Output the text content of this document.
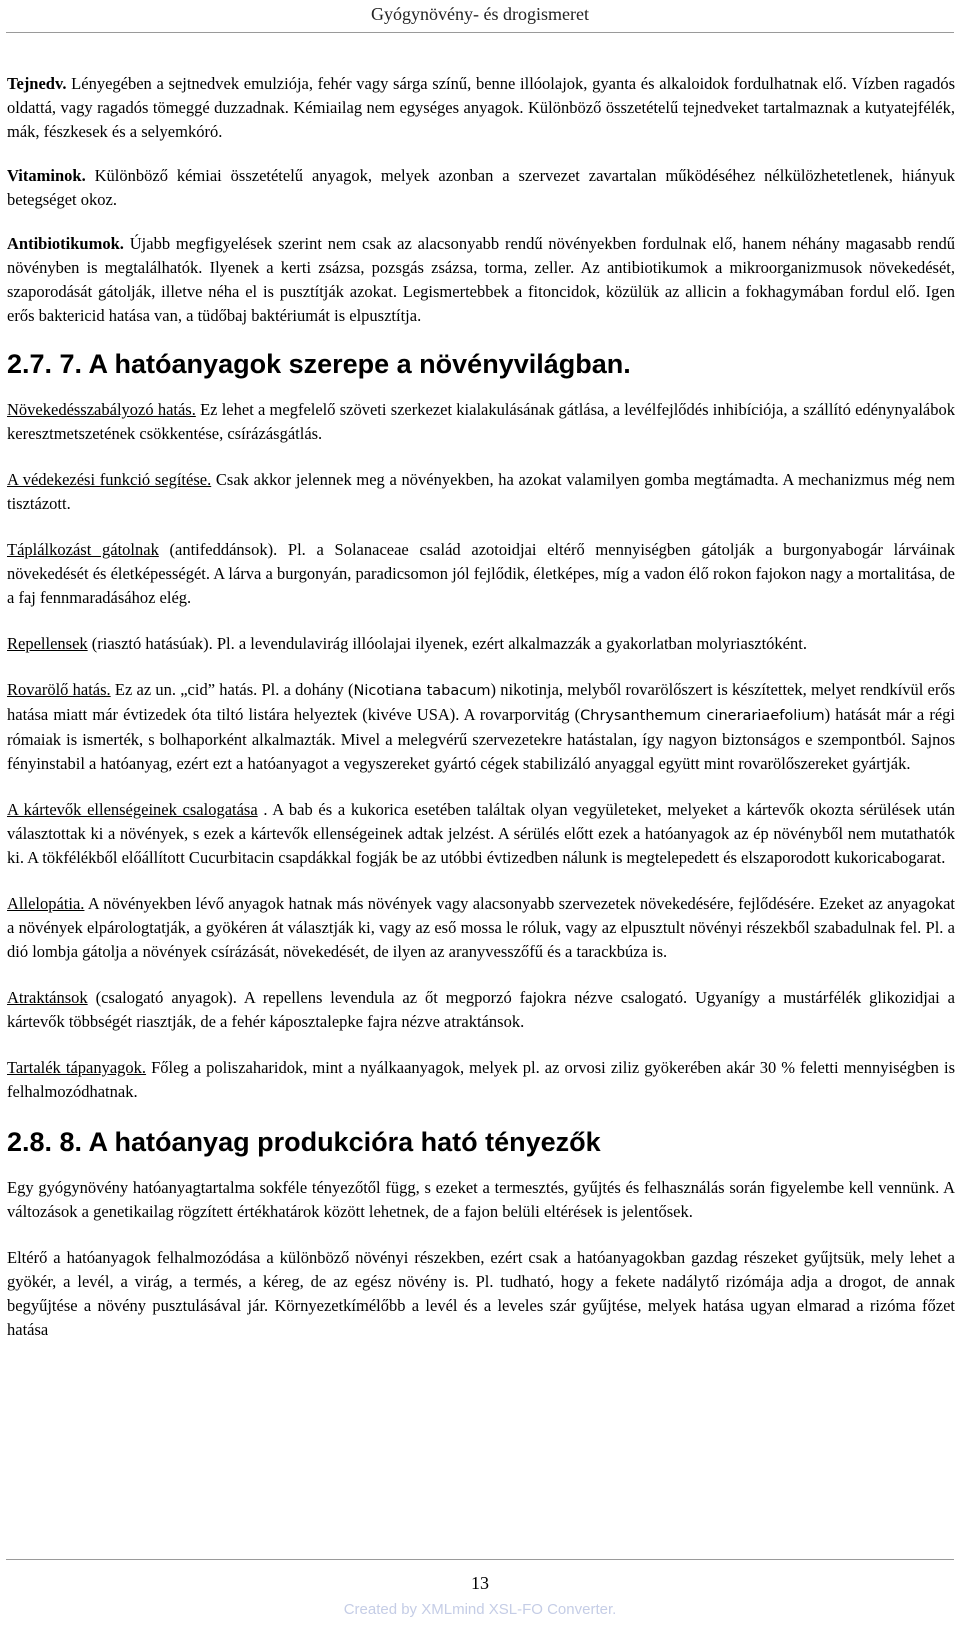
Gyógynövény- és drogismeret

Tejnedv. Lényegében a sejtnedvek emulziója, fehér vagy sárga színű, benne illóolajok, gyanta és alkaloidok fordulhatnak elő. Vízben ragadós oldattá, vagy ragadós tömeggé duzzadnak. Kémiailag nem egységes anyagok. Különböző összetételű tejnedveket tartalmaznak a kutyatejfélék, mák, fészkesek és a selyemkóró.

Vitaminok. Különböző kémiai összetételű anyagok, melyek azonban a szervezet zavartalan működéséhez nélkülözhetetlenek, hiányuk betegséget okoz.

Antibiotikumok. Újabb megfigyelések szerint nem csak az alacsonyabb rendű növényekben fordulnak elő, hanem néhány magasabb rendű növényben is megtalálhatók. Ilyenek a kerti zsázsa, pozsgás zsázsa, torma, zeller. Az antibiotikumok a mikroorganizmusok növekedését, szaporodását gátolják, illetve néha el is pusztítják azokat. Legismertebbek a fitoncidok, közülük az allicin a fokhagymában fordul elő. Igen erős baktericid hatása van, a tüdőbaj baktériumát is elpusztítja.

2.7. 7. A hatóanyagok szerepe a növényvilágban.

Növekedésszabályozó hatás. Ez lehet a megfelelő szöveti szerkezet kialakulásának gátlása, a levélfejlődés inhibíciója, a szállító edénynyalábok keresztmetszetének csökkentése, csírázásgátlás.

A védekezési funkció segítése. Csak akkor jelennek meg a növényekben, ha azokat valamilyen gomba megtámadta. A mechanizmus még nem tisztázott.

Táplálkozást gátolnak (antifeddánsok). Pl. a Solanaceae család azotoidjai eltérő mennyiségben gátolják a burgonyabogár lárváinak növekedését és életképességét. A lárva a burgonyán, paradicsomon jól fejlődik, életképes, míg a vadon élő rokon fajokon nagy a mortalitása, de a faj fennmaradásához elég.

Repellensek (riasztó hatásúak). Pl. a levendulavirág illóolajai ilyenek, ezért alkalmazzák a gyakorlatban molyriasztóként.

Rovarölő hatás. Ez az un. „cid” hatás. Pl. a dohány (Nicotiana tabacum) nikotinja, melyből rovarölőszert is készítettek, melyet rendkívül erős hatása miatt már évtizedek óta tiltó listára helyeztek (kivéve USA). A rovarporvitág (Chrysanthemum cinerariaefolium) hatását már a régi rómaiak is ismerték, s bolhaporként alkalmazták. Mivel a melegvérű szervezetekre hatástalan, így nagyon biztonságos e szempontból. Sajnos fényinstabil a hatóanyag, ezért ezt a hatóanyagot a vegyszereket gyártó cégek stabilizáló anyaggal együtt mint rovarölőszereket gyártják.

A kártevők ellenségeinek csalogatása . A bab és a kukorica esetében találtak olyan vegyületeket, melyeket a kártevők okozta sérülések után választottak ki a növények, s ezek a kártevők ellenségeinek adtak jelzést. A sérülés előtt ezek a hatóanyagok az ép növényből nem mutathatók ki. A tökfélékből előállított Cucurbitacin csapdákkal fogják be az utóbbi évtizedben nálunk is megtelepedett és elszaporodott kukoricabogarat.

Allelopátia. A növényekben lévő anyagok hatnak más növények vagy alacsonyabb szervezetek növekedésére, fejlődésére. Ezeket az anyagokat a növények elpárologtatják, a gyökéren át választják ki, vagy az eső mossa le róluk, vagy az elpusztult növényi részekből szabadulnak fel. Pl. a dió lombja gátolja a növények csírázását, növekedését, de ilyen az aranyvesszőfű és a tarackbúza is.

Atraktánsok (csalogató anyagok). A repellens levendula az őt megporzó fajokra nézve csalogató. Ugyanígy a mustárfélék glikozidjai a kártevők többségét riasztják, de a fehér káposztalepke fajra nézve atraktánsok.

Tartalék tápanyagok. Főleg a poliszaharidok, mint a nyálkaanyagok, melyek pl. az orvosi ziliz gyökerében akár 30 % feletti mennyiségben is felhalmozódhatnak.

2.8. 8. A hatóanyag produkcióra ható tényezők

Egy gyógynövény hatóanyagtartalma sokféle tényezőtől függ, s ezeket a termesztés, gyűjtés és felhasználás során figyelembe kell vennünk. A változások a genetikailag rögzített értékhatárok között lehetnek, de a fajon belüli eltérések is jelentősek.

Eltérő a hatóanyagok felhalmozódása a különböző növényi részekben, ezért csak a hatóanyagokban gazdag részeket gyűjtsük, mely lehet a gyökér, a levél, a virág, a termés, a kéreg, de az egész növény is. Pl. tudható, hogy a fekete nadálytő rizómája adja a drogot, de annak begyűjtése a növény pusztulásával jár. Környezetkímélőbb a levél és a leveles szár gyűjtése, melyek hatása ugyan elmarad a rizóma főzet hatása

13
Created by XMLmind XSL-FO Converter.
